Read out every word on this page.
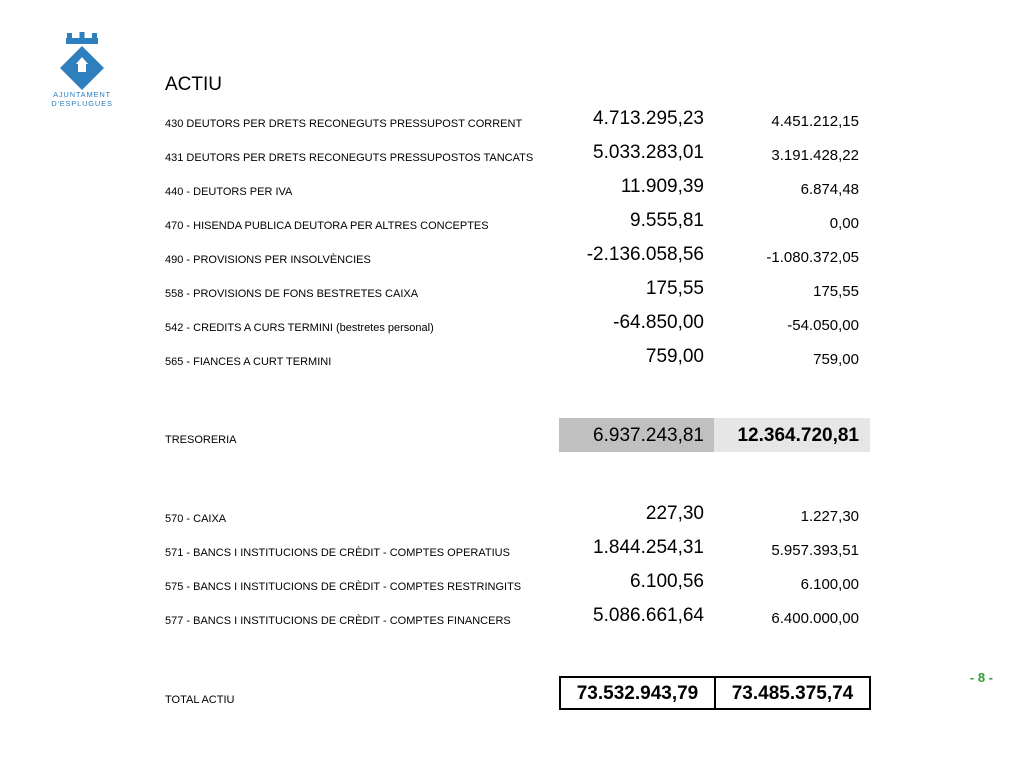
AJUNTAMENT
D'ESPLUGUES
ACTIU
430 DEUTORS PER DRETS RECONEGUTS PRESSUPOST CORRENT	4.713.295,23	4.451.212,15
431 DEUTORS PER DRETS RECONEGUTS PRESSUPOSTOS TANCATS	5.033.283,01	3.191.428,22
440 - DEUTORS PER IVA	11.909,39	6.874,48
470 - HISENDA PUBLICA DEUTORA PER ALTRES CONCEPTES	9.555,81	0,00
490 - PROVISIONS PER INSOLVÈNCIES	-2.136.058,56	-1.080.372,05
558 - PROVISIONS DE FONS BESTRETES CAIXA	175,55	175,55
542 - CREDITS A CURS TERMINI (bestretes personal)	-64.850,00	-54.050,00
565 - FIANCES A CURT TERMINI	759,00	759,00
TRESORERIA	6.937.243,81	12.364.720,81
570 - CAIXA	227,30	1.227,30
571 - BANCS I INSTITUCIONS DE CRÈDIT - COMPTES OPERATIUS	1.844.254,31	5.957.393,51
575 - BANCS I INSTITUCIONS DE CRÈDIT - COMPTES RESTRINGITS	6.100,56	6.100,00
577 - BANCS I INSTITUCIONS DE CRÈDIT - COMPTES FINANCERS	5.086.661,64	6.400.000,00
- 8 -
TOTAL ACTIU	73.532.943,79	73.485.375,74
